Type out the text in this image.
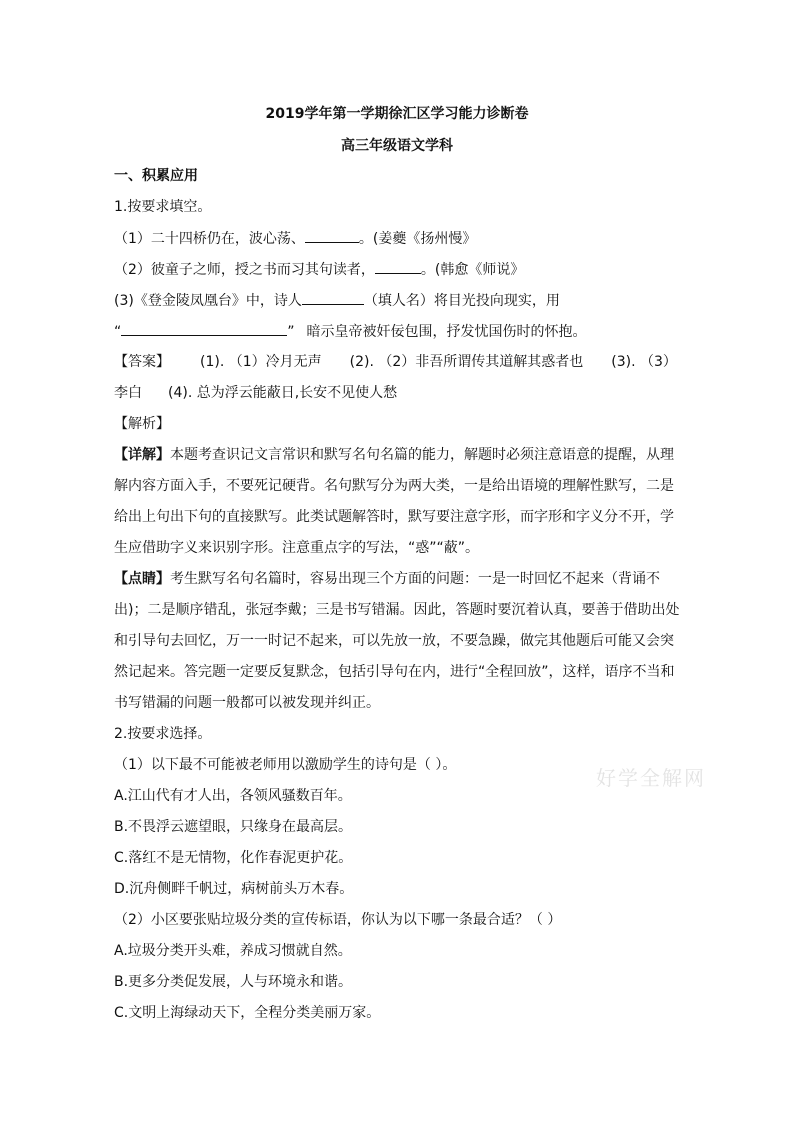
2019学年第一学期徐汇区学习能力诊断卷
高三年级语文学科
一、积累应用
1.按要求填空。
（1）二十四桥仍在，波心荡、	。(姜夔《扬州慢》
（2）彼童子之师，授之书而习其句读者，	。(韩愈《师说》
(3)《登金陵凤凰台》中，诗人	（填人名）将目光投向现实，用
“	” 暗示皇帝被奸佞包围，抒发忧国伤时的怀抱。
【答案】 (1). （1）冷月无声 (2). （2）非吾所谓传其道解其惑者也 (3). （3）
李白 (4). 总为浮云能蔽日,长安不见使人愁
【解析】
【详解】本题考查识记文言常识和默写名句名篇的能力，解题时必须注意语意的提醒，从理
解内容方面入手，不要死记硬背。名句默写分为两大类，一是给出语境的理解性默写，二是
给出上句出下句的直接默写。此类试题解答时，默写要注意字形，而字形和字义分不开，学
生应借助字义来识别字形。注意重点字的写法，“惑”“蔽”。
【点睛】考生默写名句名篇时，容易出现三个方面的问题：一是一时回忆不起来（背诵不
出)；二是顺序错乱，张冠李戴；三是书写错漏。因此，答题时要沉着认真，要善于借助出处
和引导句去回忆，万一一时记不起来，可以先放一放，不要急躁，做完其他题后可能又会突
然记起来。答完题一定要反复默念，包括引导句在内，进行“全程回放”，这样，语序不当和
书写错漏的问题一般都可以被发现并纠正。
2.按要求选择。
（1）以下最不可能被老师用以激励学生的诗句是（ ）。
A.江山代有才人出，各领风骚数百年。
B.不畏浮云遮望眼，只缘身在最高层。
C.落红不是无情物，化作春泥更护花。
D.沉舟侧畔千帆过，病树前头万木春。
（2）小区要张贴垃圾分类的宣传标语，你认为以下哪一条最合适？（ ）
A.垃圾分类开头难，养成习惯就自然。
B.更多分类促发展，人与环境永和谐。
C.文明上海绿动天下，全程分类美丽万家。
好学全解网
